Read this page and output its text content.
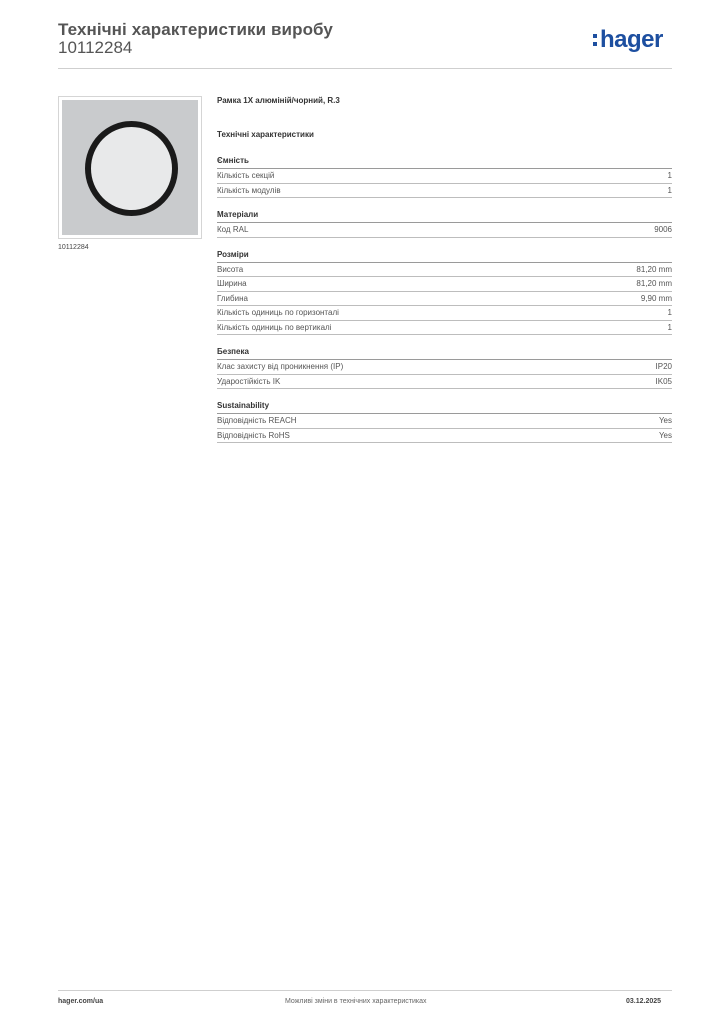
Технічні характеристики виробу
10112284	hager
10112284
Рамка 1X алюміній/чорний, R.3
Технічні характеристики
Ємність
Кількість секцій	1
Кількість модулів	1
Матеріали
Код RAL	9006
Розміри
Висота	81,20 mm
Ширина	81,20 mm
Глибина	9,90 mm
Кількість одиниць по горизонталі	1
Кількість одиниць по вертикалі	1
Безпека
Клас захисту від проникнення (IP)	IP20
Ударостійкість IK	IK05
Sustainability
Відповідність REACH	Yes
Відповідність RoHS	Yes
hager.com/ua	Можливі зміни в технічних характеристиках	03.12.2025
